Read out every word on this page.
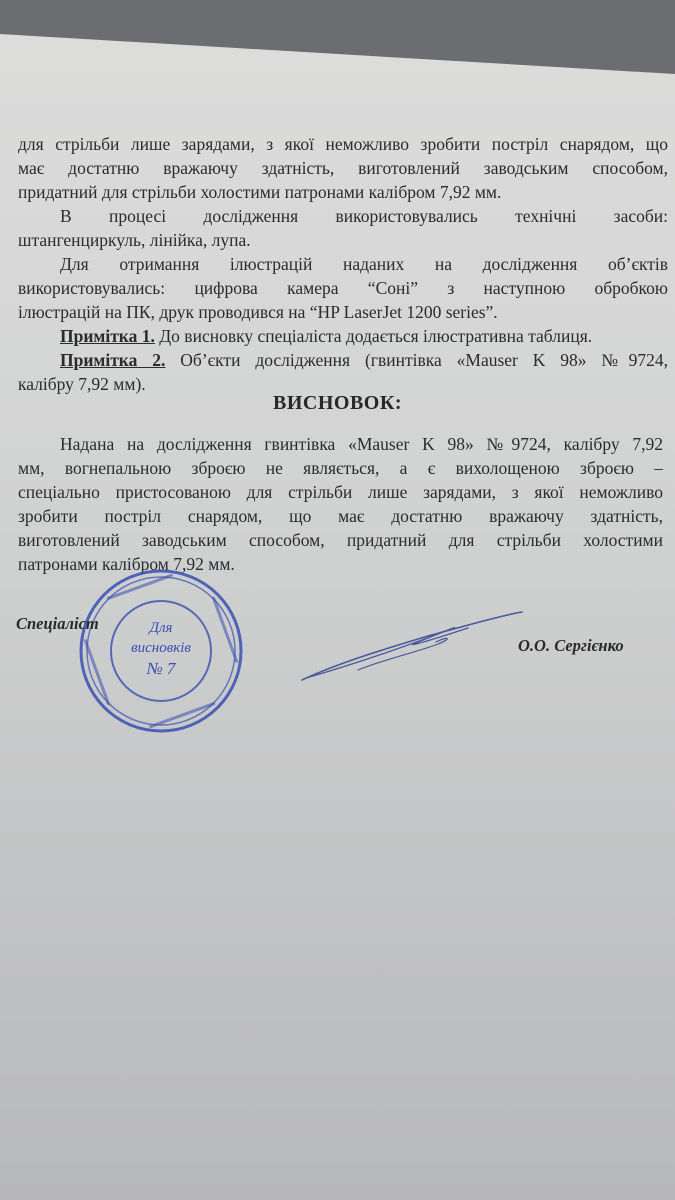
для стрільби лише зарядами, з якої неможливо зробити постріл снарядом, що
має достатню вражаючу здатність, виготовлений заводським способом,
придатний для стрільби холостими патронами калібром 7,92 мм.
В процесі дослідження використовувались технічні засоби:
штангенциркуль, лінійка, лупа.
Для отримання ілюстрацій наданих на дослідження об’єктів
використовувались: цифрова камера “Соні” з наступною обробкою
ілюстрацій на ПК, друк проводився на “HP LaserJet 1200 series”.
Примітка 1. До висновку спеціаліста додається ілюстративна таблиця.
Примітка 2. Об’єкти дослідження (гвинтівка «Mauser K 98» №9724,
калібру 7,92 мм).
ВИСНОВОК:
Надана на дослідження гвинтівка «Mauser K 98» №9724, калібру 7,92
мм, вогнепальною зброєю не являється, а є вихолощеною зброєю –
спеціально пристосованою для стрільби лише зарядами, з якої неможливо
зробити постріл снарядом, що має достатню вражаючу здатність,
виготовлений заводським способом, придатний для стрільби холостими
патронами калібром 7,92 мм.
Для
висновків
№ 7
Спеціаліст
О.О. Сергієнко
